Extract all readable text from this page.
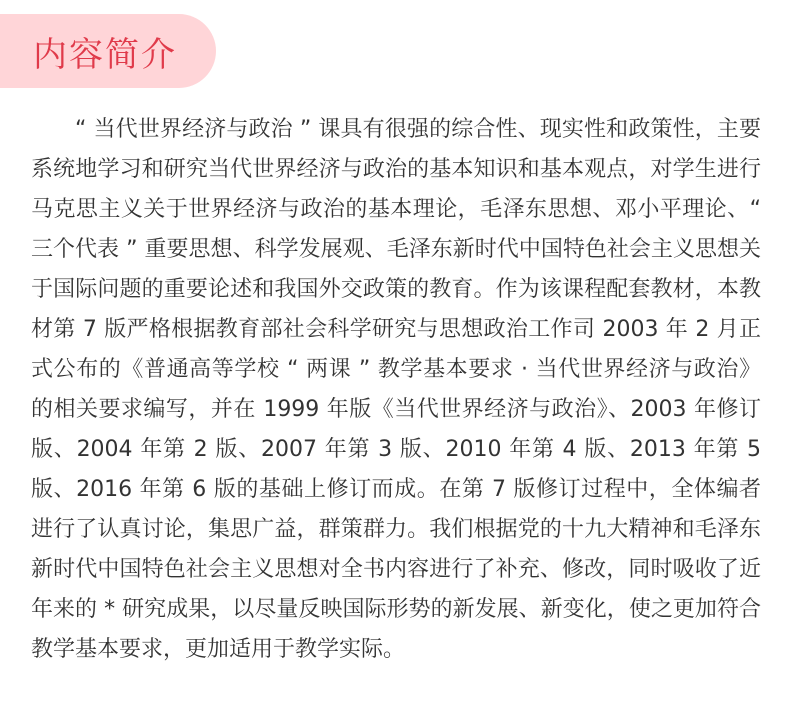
内容简介

“ 当代世界经济与政治 ” 课具有很强的综合性、现实性和政策性，主要系统地学习和研究当代世界经济与政治的基本知识和基本观点，对学生进行马克思主义关于世界经济与政治的基本理论，毛泽东思想、邓小平理论、“ 三个代表 ” 重要思想、科学发展观、毛泽东新时代中国特色社会主义思想关于国际问题的重要论述和我国外交政策的教育。作为该课程配套教材，本教材第 7 版严格根据教育部社会科学研究与思想政治工作司 2003 年 2 月正式公布的《普通高等学校 “ 两课 ” 教学基本要求 · 当代世界经济与政治》的相关要求编写，并在 1999 年版《当代世界经济与政治》、2003 年修订版、2004 年第 2 版、2007 年第 3 版、2010 年第 4 版、2013 年第 5 版、2016 年第 6 版的基础上修订而成。在第 7 版修订过程中，全体编者进行了认真讨论，集思广益，群策群力。我们根据党的十九大精神和毛泽东新时代中国特色社会主义思想对全书内容进行了补充、修改，同时吸收了近年来的 * 研究成果，以尽量反映国际形势的新发展、新变化，使之更加符合教学基本要求，更加适用于教学实际。
